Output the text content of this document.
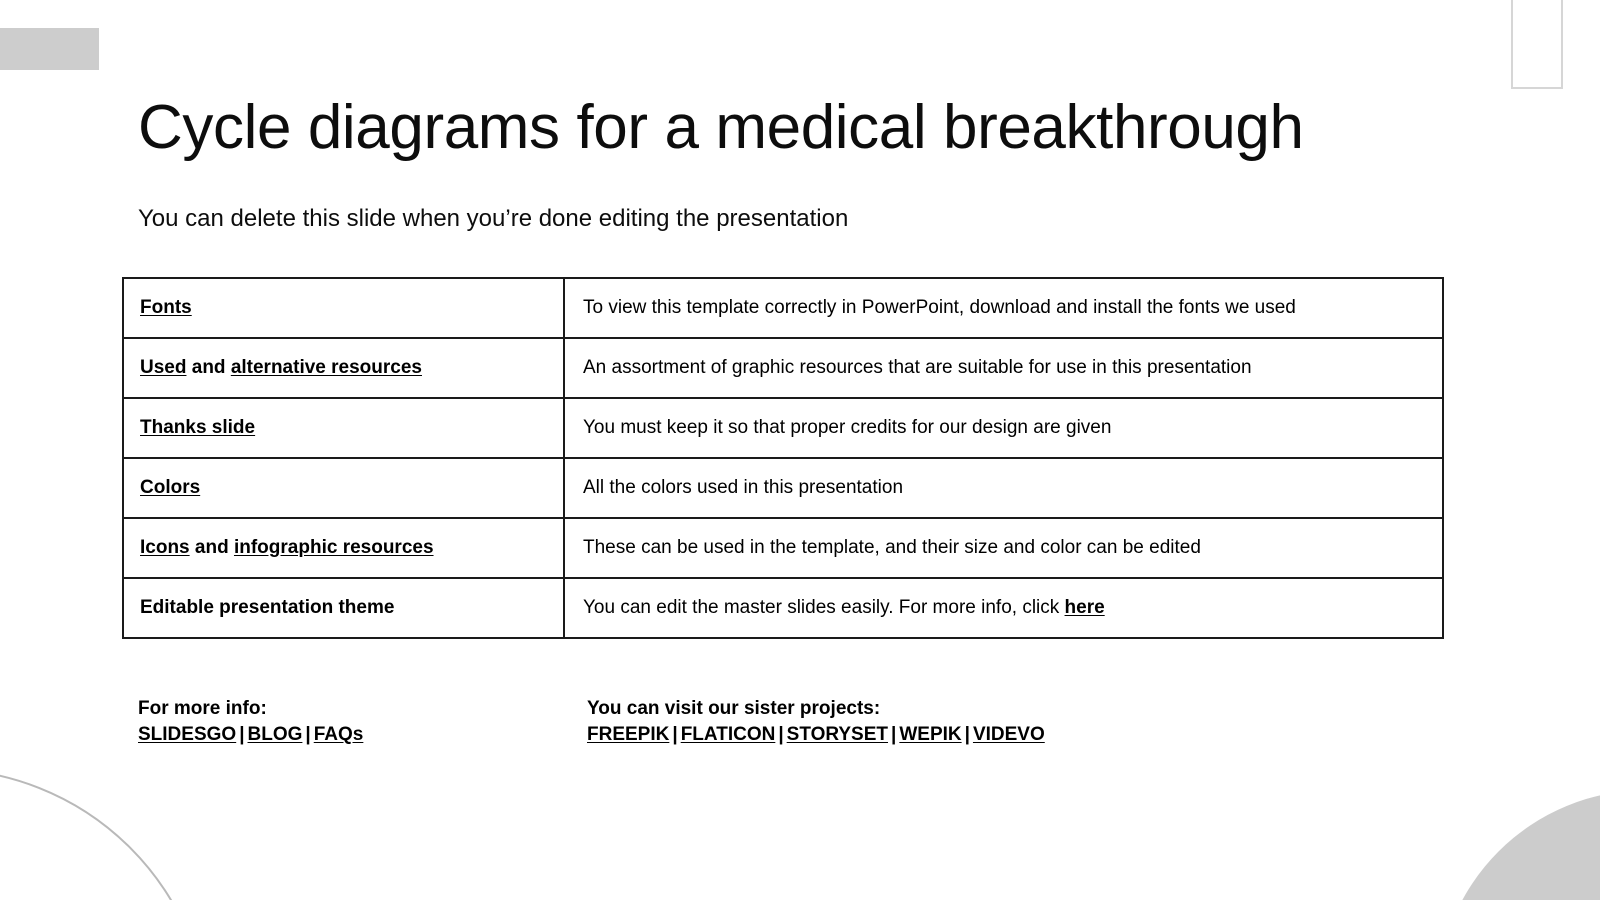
Cycle diagrams for a medical breakthrough
You can delete this slide when you’re done editing the presentation
Fonts	To view this template correctly in PowerPoint, download and install the fonts we used
Used and alternative resources	An assortment of graphic resources that are suitable for use in this presentation
Thanks slide	You must keep it so that proper credits for our design are given
Colors	All the colors used in this presentation
Icons and infographic resources	These can be used in the template, and their size and color can be edited
Editable presentation theme	You can edit the master slides easily. For more info, click here
For more info:
SLIDESGO | BLOG | FAQs
You can visit our sister projects:
FREEPIK | FLATICON | STORYSET | WEPIK | VIDEVO
